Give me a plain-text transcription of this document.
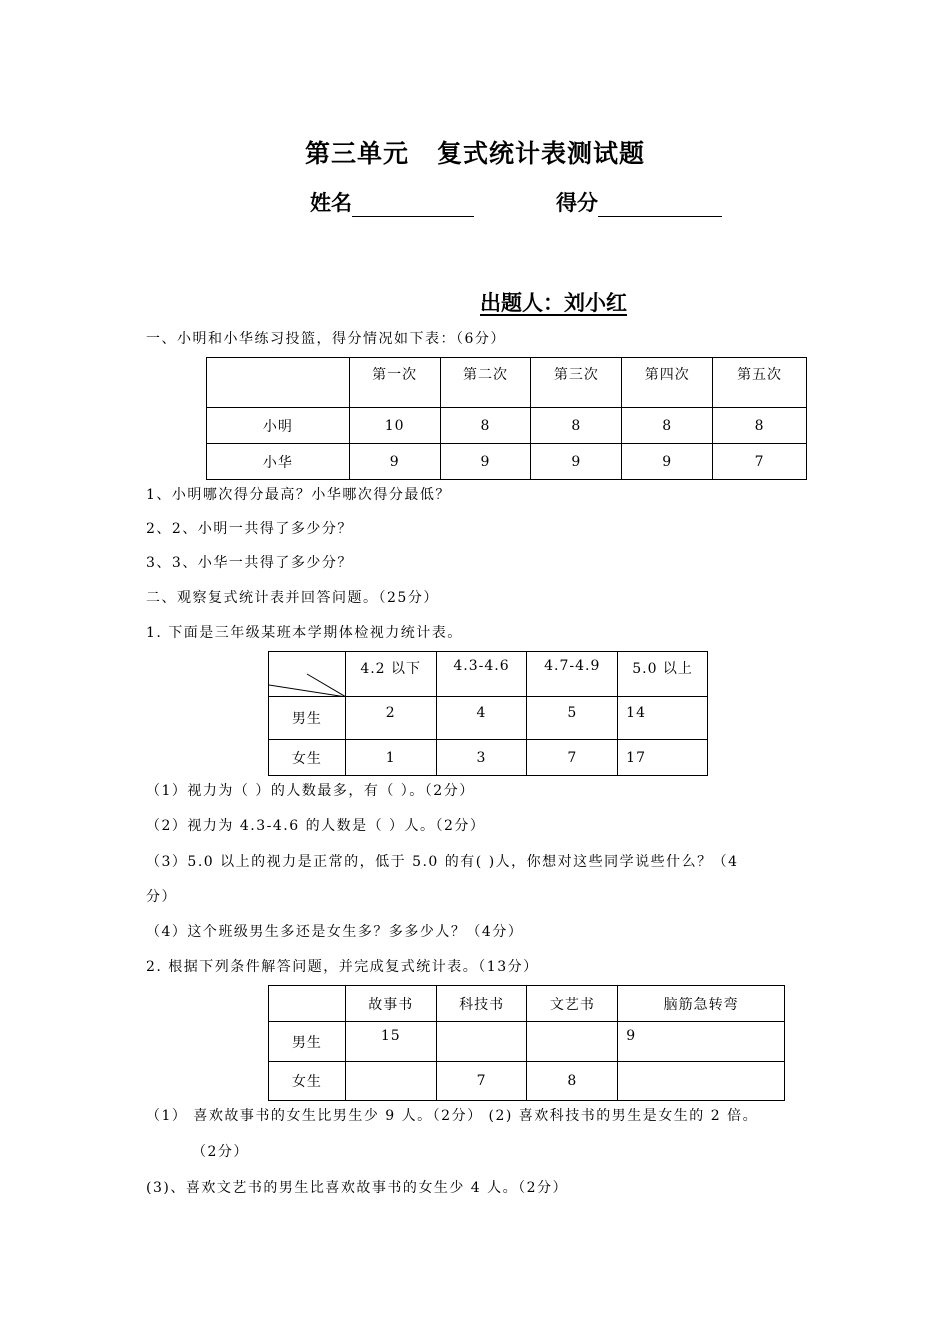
第三单元 复式统计表测试题
姓名	得分
出题人：刘小红
一、小明和小华练习投篮，得分情况如下表：（6分）
	第一次	第二次	第三次	第四次	第五次
小明	10	8	8	8	8
小华	9	9	9	9	7
1、小明哪次得分最高？小华哪次得分最低？
2、2、小明一共得了多少分？
3、3、小华一共得了多少分？
二、观察复式统计表并回答问题。（25分）
1. 下面是三年级某班本学期体检视力统计表。
	4.2 以下	4.3-4.6	4.7-4.9	5.0 以上
男生	2	4	5	14
女生	1	3	7	17
（1）视力为（ ）的人数最多，有（ ）。（2分）
（2）视力为 4.3-4.6 的人数是（ ）人。（2分）
（3）5.0 以上的视力是正常的，低于 5.0 的有( )人，你想对这些同学说些什么？（4
分）
（4）这个班级男生多还是女生多？多多少人？（4分）
2. 根据下列条件解答问题，并完成复式统计表。（13分）
	故事书	科技书	文艺书	脑筋急转弯
男生	15			9
女生		7	8	
（1） 喜欢故事书的女生比男生少 9 人。（2分） (2) 喜欢科技书的男生是女生的 2 倍。
（2分）
(3)、喜欢文艺书的男生比喜欢故事书的女生少 4 人。（2分）
